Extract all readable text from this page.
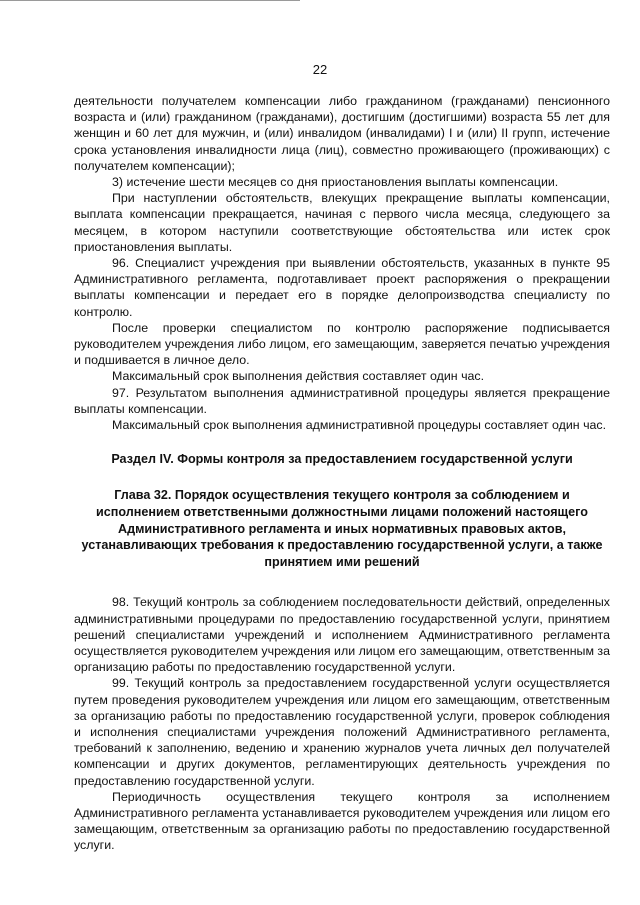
22

деятельности получателем компенсации либо гражданином (гражданами) пенсионного возраста и (или) гражданином (гражданами), достигшим (достигшими) возраста 55 лет для женщин и 60 лет для мужчин, и (или) инвалидом (инвалидами) I и (или) II групп, истечение срока установления инвалидности лица (лиц), совместно проживающего (проживающих) с получателем компенсации);

3) истечение шести месяцев со дня приостановления выплаты компенсации.

При наступлении обстоятельств, влекущих прекращение выплаты компенсации, выплата компенсации прекращается, начиная с первого числа месяца, следующего за месяцем, в котором наступили соответствующие обстоятельства или истек срок приостановления выплаты.

96. Специалист учреждения при выявлении обстоятельств, указанных в пункте 95 Административного регламента, подготавливает проект распоряжения о прекращении выплаты компенсации и передает его в порядке делопроизводства специалисту по контролю.

После проверки специалистом по контролю распоряжение подписывается руководителем учреждения либо лицом, его замещающим, заверяется печатью учреждения и подшивается в личное дело.

Максимальный срок выполнения действия составляет один час.

97. Результатом выполнения административной процедуры является прекращение выплаты компенсации.

Максимальный срок выполнения административной процедуры составляет один час.

Раздел IV. Формы контроля за предоставлением государственной услуги
Глава 32. Порядок осуществления текущего контроля за соблюдением и исполнением ответственными должностными лицами положений настоящего Административного регламента и иных нормативных правовых актов, устанавливающих требования к предоставлению государственной услуги, а также принятием ими решений

98. Текущий контроль за соблюдением последовательности действий, определенных административными процедурами по предоставлению государственной услуги, принятием решений специалистами учреждений и исполнением Административного регламента осуществляется руководителем учреждения или лицом его замещающим, ответственным за организацию работы по предоставлению государственной услуги.

99. Текущий контроль за предоставлением государственной услуги осуществляется путем проведения руководителем учреждения или лицом его замещающим, ответственным за организацию работы по предоставлению государственной услуги, проверок соблюдения и исполнения специалистами учреждения положений Административного регламента, требований к заполнению, ведению и хранению журналов учета личных дел получателей компенсации и других документов, регламентирующих деятельность учреждения по предоставлению государственной услуги.

Периодичность осуществления текущего контроля за исполнением Административного регламента устанавливается руководителем учреждения или лицом его замещающим, ответственным за организацию работы по предоставлению государственной услуги.
